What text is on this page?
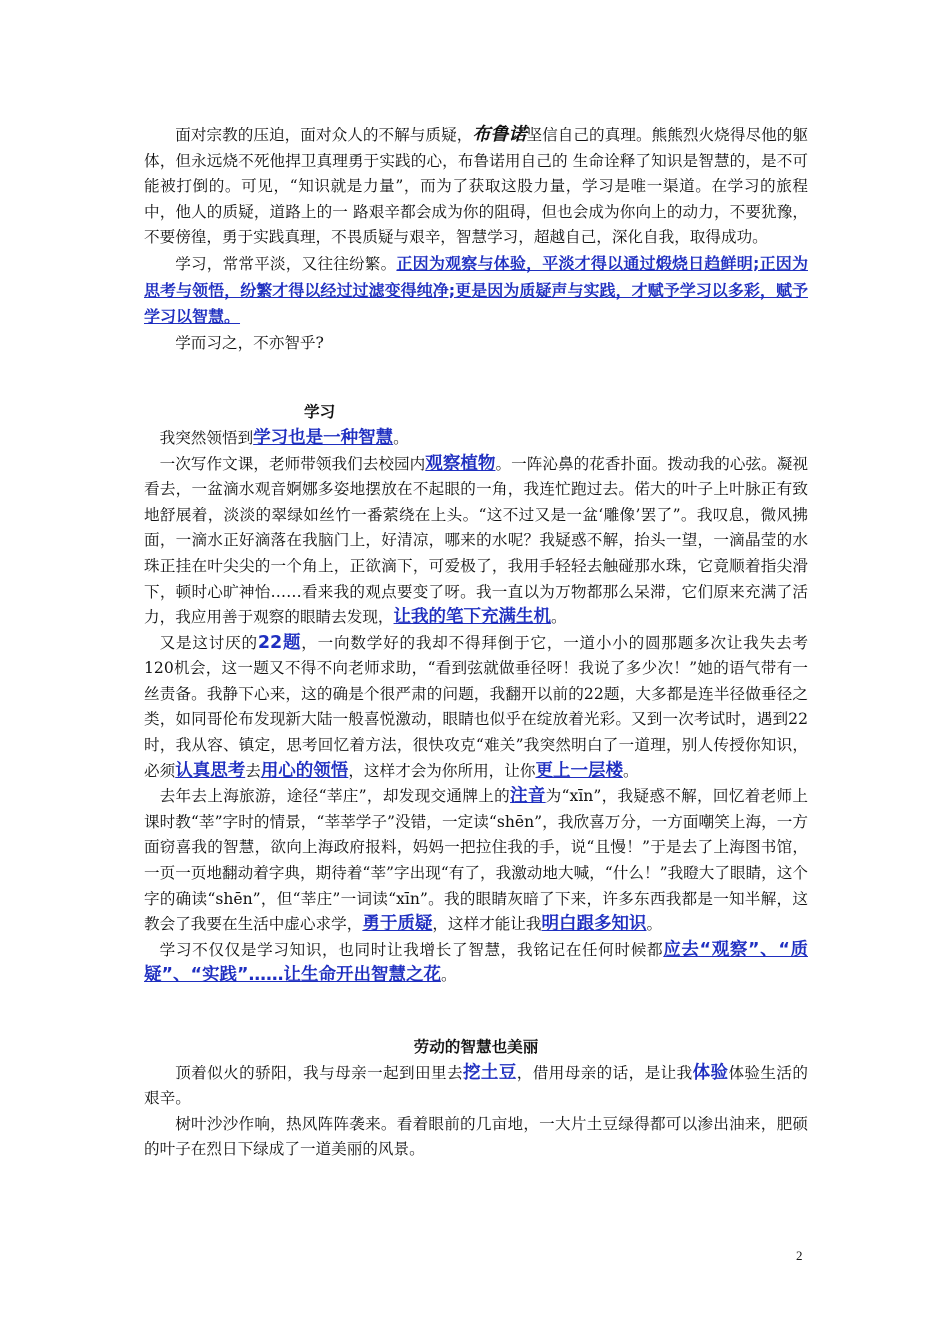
面对宗教的压迫，面对众人的不解与质疑，布鲁诺坚信自己的真理。熊熊烈火烧得尽他的躯体，但永远烧不死他捍卫真理勇于实践的心，布鲁诺用自己的 生命诠释了知识是智慧的，是不可能被打倒的。可见，“知识就是力量”，而为了获取这股力量，学习是唯一渠道。在学习的旅程中，他人的质疑，道路上的一 路艰辛都会成为你的阻碍，但也会成为你向上的动力，不要犹豫，不要傍徨，勇于实践真理，不畏质疑与艰辛，智慧学习，超越自己，深化自我，取得成功。

学习，常常平淡，又往往纷繁。正因为观察与体验，平淡才得以通过煅烧日趋鲜明;正因为思考与领悟，纷繁才得以经过过滤变得纯净;更是因为质疑声与实践，才赋予学习以多彩，赋予学习以智慧。

学而习之，不亦智乎?

学习

我突然领悟到学习也是一种智慧。

一次写作文课，老师带领我们去校园内观察植物。一阵沁鼻的花香扑面。拨动我的心弦。凝视看去，一盆滴水观音婀娜多姿地摆放在不起眼的一角，我连忙跑过去。偌大的叶子上叶脉正有致地舒展着，淡淡的翠绿如丝竹一番萦绕在上头。“这不过又是一盆‘雕像’罢了”。我叹息，微风拂面，一滴水正好滴落在我脑门上，好清凉，哪来的水呢？我疑惑不解，抬头一望，一滴晶莹的水珠正挂在叶尖尖的一个角上，正欲滴下，可爱极了，我用手轻轻去触碰那水珠，它竟顺着指尖滑下，顿时心旷神怡……看来我的观点要变了呀。我一直以为万物都那么呆滞，它们原来充满了活力，我应用善于观察的眼睛去发现，让我的笔下充满生机。

又是这讨厌的22题，一向数学好的我却不得拜倒于它，一道小小的圆那题多次让我失去考120机会，这一题又不得不向老师求助，“看到弦就做垂径呀！我说了多少次！”她的语气带有一丝责备。我静下心来，这的确是个很严肃的问题，我翻开以前的22题，大多都是连半径做垂径之类，如同哥伦布发现新大陆一般喜悦激动，眼睛也似乎在绽放着光彩。又到一次考试时，遇到22时，我从容、镇定，思考回忆着方法，很快攻克“难关”我突然明白了一道理，别人传授你知识，必须认真思考去用心的领悟，这样才会为你所用，让你更上一层楼。

去年去上海旅游，途径“莘庄”，却发现交通牌上的注音为“xīn”，我疑惑不解，回忆着老师上课时教“莘”字时的情景，“莘莘学子”没错，一定读“shēn”，我欣喜万分，一方面嘲笑上海，一方面窃喜我的智慧，欲向上海政府报料，妈妈一把拉住我的手，说“且慢！”于是去了上海图书馆，一页一页地翻动着字典，期待着“莘”字出现“有了，我激动地大喊，“什么！”我瞪大了眼睛，这个字的确读“shēn”，但“莘庄”一词读“xīn”。我的眼睛灰暗了下来，许多东西我都是一知半解，这教会了我要在生活中虚心求学，勇于质疑，这样才能让我明白跟多知识。

学习不仅仅是学习知识，也同时让我增长了智慧，我铭记在任何时候都应去“观察”、“质疑”、“实践”……让生命开出智慧之花。

劳动的智慧也美丽

顶着似火的骄阳，我与母亲一起到田里去挖土豆，借用母亲的话，是让我体验体验生活的艰辛。

树叶沙沙作响，热风阵阵袭来。看着眼前的几亩地，一大片土豆绿得都可以渗出油来，肥硕的叶子在烈日下绿成了一道美丽的风景。

2
